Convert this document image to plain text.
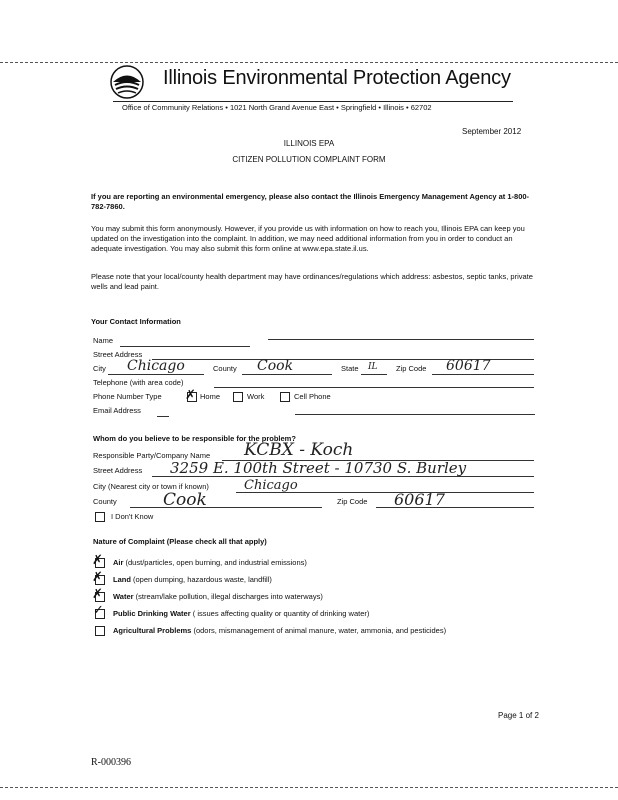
Illinois Environmental Protection Agency
Office of Community Relations • 1021 North Grand Avenue East • Springfield • Illinois • 62702
September 2012
ILLINOIS EPA
CITIZEN POLLUTION COMPLAINT FORM
If you are reporting an environmental emergency, please also contact the Illinois Emergency Management Agency at 1-800-782-7860.
You may submit this form anonymously. However, if you provide us with information on how to reach you, Illinois EPA can keep you updated on the investigation into the complaint. In addition, we may need additional information from you in order to conduct an adequate investigation. You may also submit this form online at www.epa.state.il.us.
Please note that your local/county health department may have ordinances/regulations which address: asbestos, septic tanks, private wells and lead paint.
Your Contact Information
Name
Street Address
City Chicago	County Cook	State IL Zip Code 60617
Telephone (with area code)
Phone Number Type ✗ Home	Work	Cell Phone
Email Address
Whom do you believe to be responsible for the problem?
Responsible Party/Company Name KCBX - Koch
Street Address 3259 E. 100th Street - 10730 S. Burley
City (Nearest city or town if known)	Chicago
County	Cook	Zip Code 60617
I Don't Know
Nature of Complaint (Please check all that apply)
✗ Air (dust/particles, open burning, and industrial emissions)
✗ Land (open dumping, hazardous waste, landfill)
✗ Water (stream/lake pollution, illegal discharges into waterways)
✓ Public Drinking Water ( issues affecting quality or quantity of drinking water)
Agricultural Problems (odors, mismanagement of animal manure, water, ammonia, and pesticides)
Page 1 of 2
R-000396
